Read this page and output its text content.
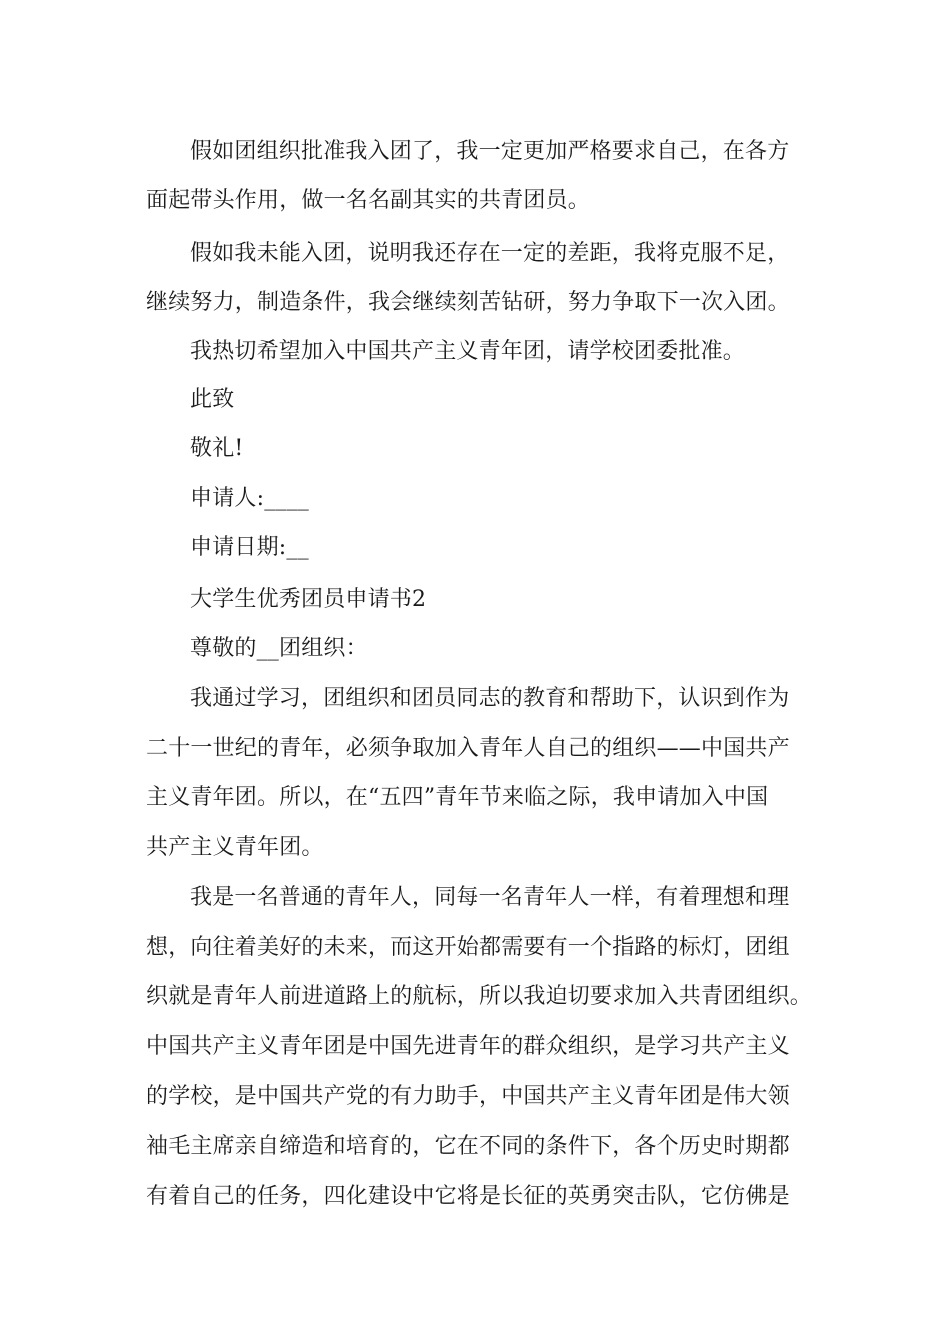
假如团组织批准我入团了，我一定更加严格要求自己，在各方
面起带头作用，做一名名副其实的共青团员。
假如我未能入团，说明我还存在一定的差距，我将克服不足，
继续努力，制造条件，我会继续刻苦钻研，努力争取下一次入团。
我热切希望加入中国共产主义青年团，请学校团委批准。
此致
敬礼!
申请人:____
申请日期:__
大学生优秀团员申请书2
尊敬的__团组织：
我通过学习，团组织和团员同志的教育和帮助下，认识到作为
二十一世纪的青年，必须争取加入青年人自己的组织——中国共产
主义青年团。所以，在“五四”青年节来临之际，我申请加入中国
共产主义青年团。
我是一名普通的青年人，同每一名青年人一样，有着理想和理
想，向往着美好的未来，而这开始都需要有一个指路的标灯，团组
织就是青年人前进道路上的航标，所以我迫切要求加入共青团组织。
中国共产主义青年团是中国先进青年的群众组织，是学习共产主义
的学校，是中国共产党的有力助手，中国共产主义青年团是伟大领
袖毛主席亲自缔造和培育的，它在不同的条件下，各个历史时期都
有着自己的任务，四化建设中它将是长征的英勇突击队，它仿佛是
